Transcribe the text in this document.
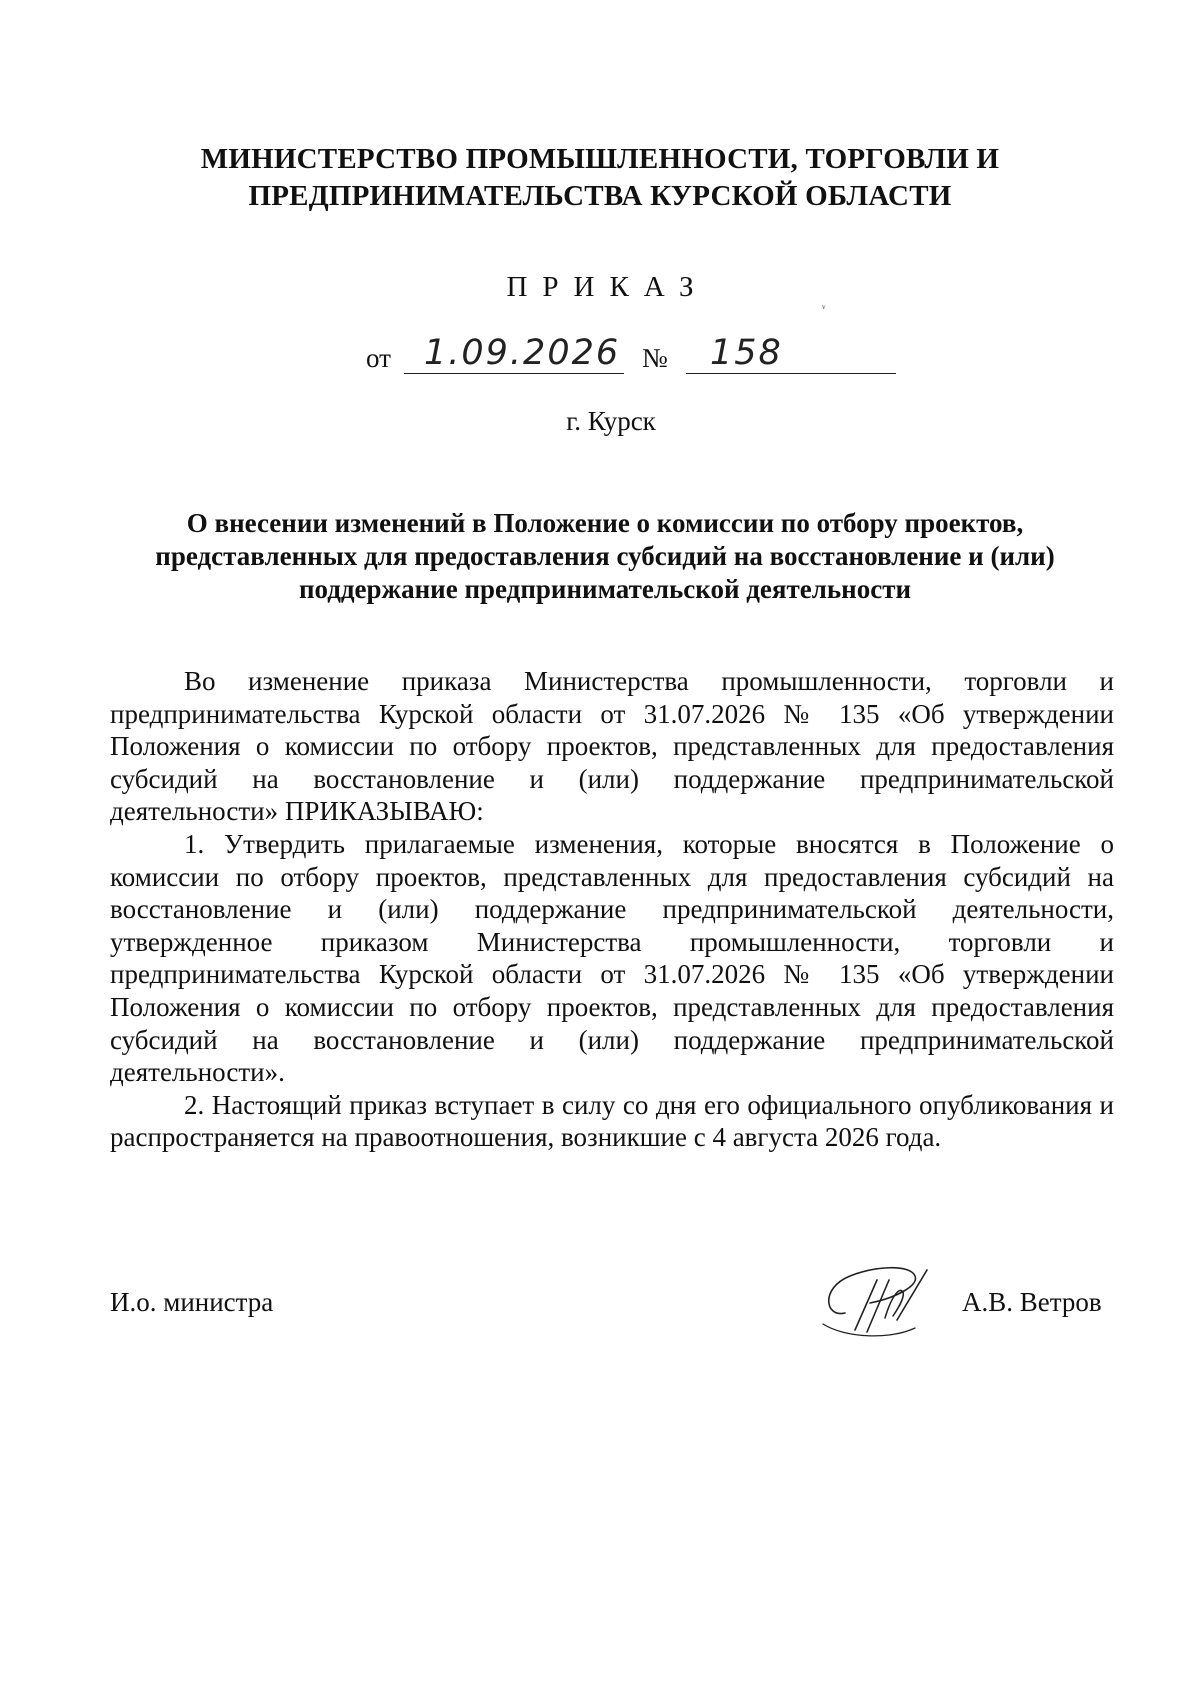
МИНИСТЕРСТВО ПРОМЫШЛЕННОСТИ, ТОРГОВЛИ И
ПРЕДПРИНИМАТЕЛЬСТВА КУРСКОЙ ОБЛАСТИ
ПРИКАЗ
ᵥ
от 1.09.2026 № 158
г. Курск
О внесении изменений в Положение о комиссии по отбору проектов, представленных для предоставления субсидий на восстановление и (или) поддержание предпринимательской деятельности

Во изменение приказа Министерства промышленности, торговли и предпринимательства Курской области от 31.07.2026 № 135 «Об утверждении Положения о комиссии по отбору проектов, представленных для предоставления субсидий на восстановление и (или) поддержание предпринимательской деятельности» ПРИКАЗЫВАЮ:

1. Утвердить прилагаемые изменения, которые вносятся в Положение о комиссии по отбору проектов, представленных для предоставления субсидий на восстановление и (или) поддержание предпринимательской деятельности, утвержденное приказом Министерства промышленности, торговли и предпринимательства Курской области от 31.07.2026 № 135 «Об утверждении Положения о комиссии по отбору проектов, представленных для предоставления субсидий на восстановление и (или) поддержание предпринимательской деятельности».

2. Настоящий приказ вступает в силу со дня его официального опубликования и распространяется на правоотношения, возникшие с 4 августа 2026 года.

И.о. министра	А.В. Ветров
